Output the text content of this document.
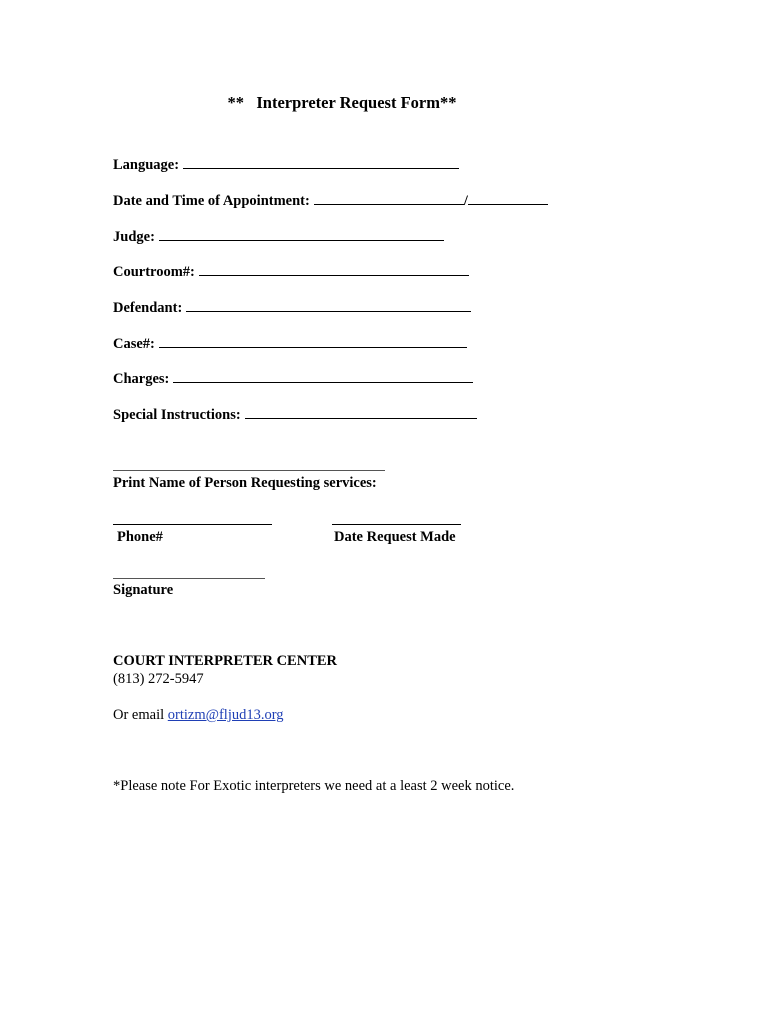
**   Interpreter Request Form**
Language:
Date and Time of Appointment:	/
Judge:
Courtroom#:
Defendant:
Case#:
Charges:
Special Instructions:
Print Name of Person Requesting services:
Phone#	Date Request Made
Signature
COURT INTERPRETER CENTER
(813) 272-5947
Or email ortizm@fljud13.org
*Please note For Exotic interpreters we need at a least 2 week notice.
